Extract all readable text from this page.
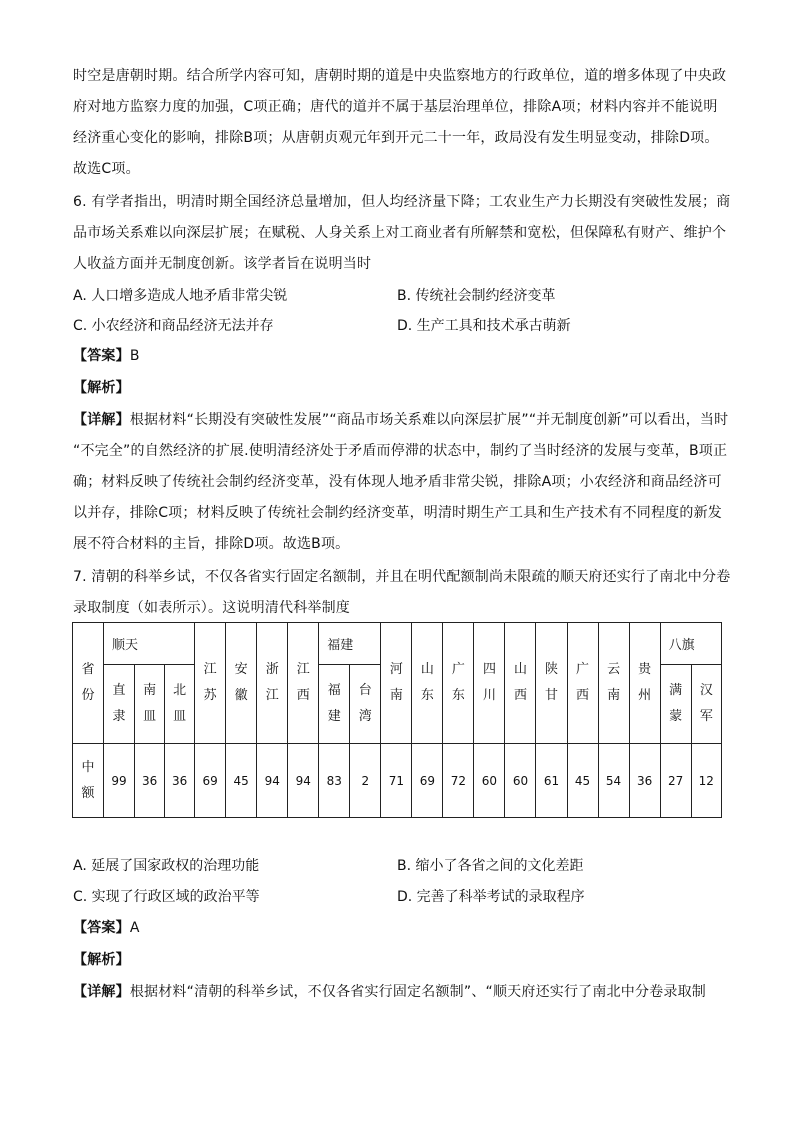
时空是唐朝时期。结合所学内容可知，唐朝时期的道是中央监察地方的行政单位，道的增多体现了中央政
府对地方监察力度的加强，C项正确；唐代的道并不属于基层治理单位，排除A项；材料内容并不能说明
经济重心变化的影响，排除B项；从唐朝贞观元年到开元二十一年，政局没有发生明显变动，排除D项。
故选C项。
6. 有学者指出，明清时期全国经济总量增加，但人均经济量下降；工农业生产力长期没有突破性发展；商
品市场关系难以向深层扩展；在赋税、人身关系上对工商业者有所解禁和宽松，但保障私有财产、维护个
人收益方面并无制度创新。该学者旨在说明当时
A. 人口增多造成人地矛盾非常尖锐	B. 传统社会制约经济变革
C. 小农经济和商品经济无法并存	D. 生产工具和技术承古萌新
【答案】B
【解析】
【详解】根据材料“长期没有突破性发展”“商品市场关系难以向深层扩展”“并无制度创新”可以看出，当时
“不完全”的自然经济的扩展.使明清经济处于矛盾而停滞的状态中，制约了当时经济的发展与变革，B项正
确；材料反映了传统社会制约经济变革，没有体现人地矛盾非常尖锐，排除A项；小农经济和商品经济可
以并存，排除C项；材料反映了传统社会制约经济变革，明清时期生产工具和生产技术有不同程度的新发
展不符合材料的主旨，排除D项。故选B项。
7. 清朝的科举乡试，不仅各省实行固定名额制，并且在明代配额制尚未限疏的顺天府还实行了南北中分卷
录取制度（如表所示）。这说明清代科举制度
省份	顺天			江苏	安徽	浙江	江西	福建		河南	山东	广东	四川	山西	陕甘	广西	云南	贵州	八旗	
	直隶	南皿	北皿					福建	台湾										满蒙	汉军
中额	99	36	36	69	45	94	94	83	2	71	69	72	60	60	61	45	54	36	27	12
A. 延展了国家政权的治理功能	B. 缩小了各省之间的文化差距
C. 实现了行政区域的政治平等	D. 完善了科举考试的录取程序
【答案】A
【解析】
【详解】根据材料“清朝的科举乡试，不仅各省实行固定名额制”、“顺天府还实行了南北中分卷录取制
